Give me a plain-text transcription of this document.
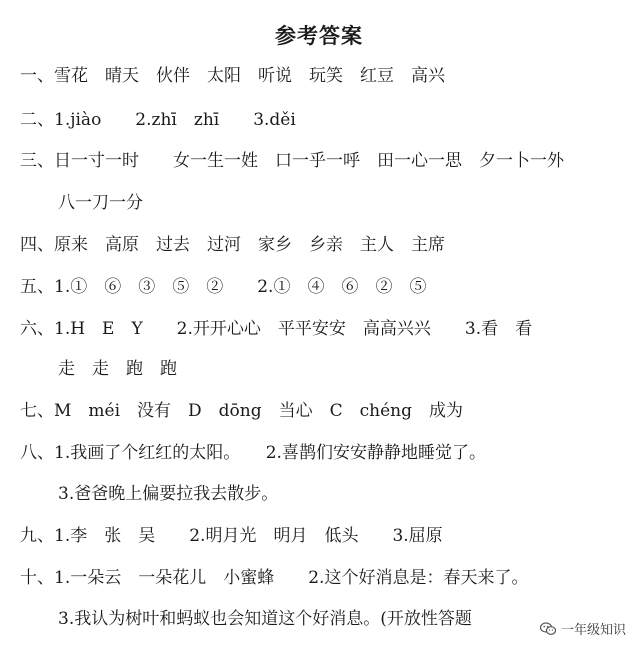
参考答案
一、雪花　晴天　伙伴　太阳　听说　玩笑　红豆　高兴
二、1.jiào　　2.zhī　zhī　　3.děi
三、日一寸一时　　女一生一姓　口一乎一呼　田一心一思　夕一卜一外
八一刀一分
四、原来　高原　过去　过河　家乡　乡亲　主人　主席
五、1.①　⑥　③　⑤　②　　2.①　④　⑥　②　⑤
六、1.H　E　Y　　2.开开心心　平平安安　高高兴兴　　3.看　看
走　走　跑　跑
七、M　méi　没有　D　dōng　当心　C　chéng　成为
八、1.我画了个红红的太阳。　　2.喜鹊们安安静静地睡觉了。
3.爸爸晚上偏要拉我去散步。
九、1.李　张　吴　　2.明月光　明月　低头　　3.屈原
十、1.一朵云　一朵花儿　小蜜蜂　　2.这个好消息是：春天来了。
3.我认为树叶和蚂蚁也会知道这个好消息。(开放性答题
一年级知识
